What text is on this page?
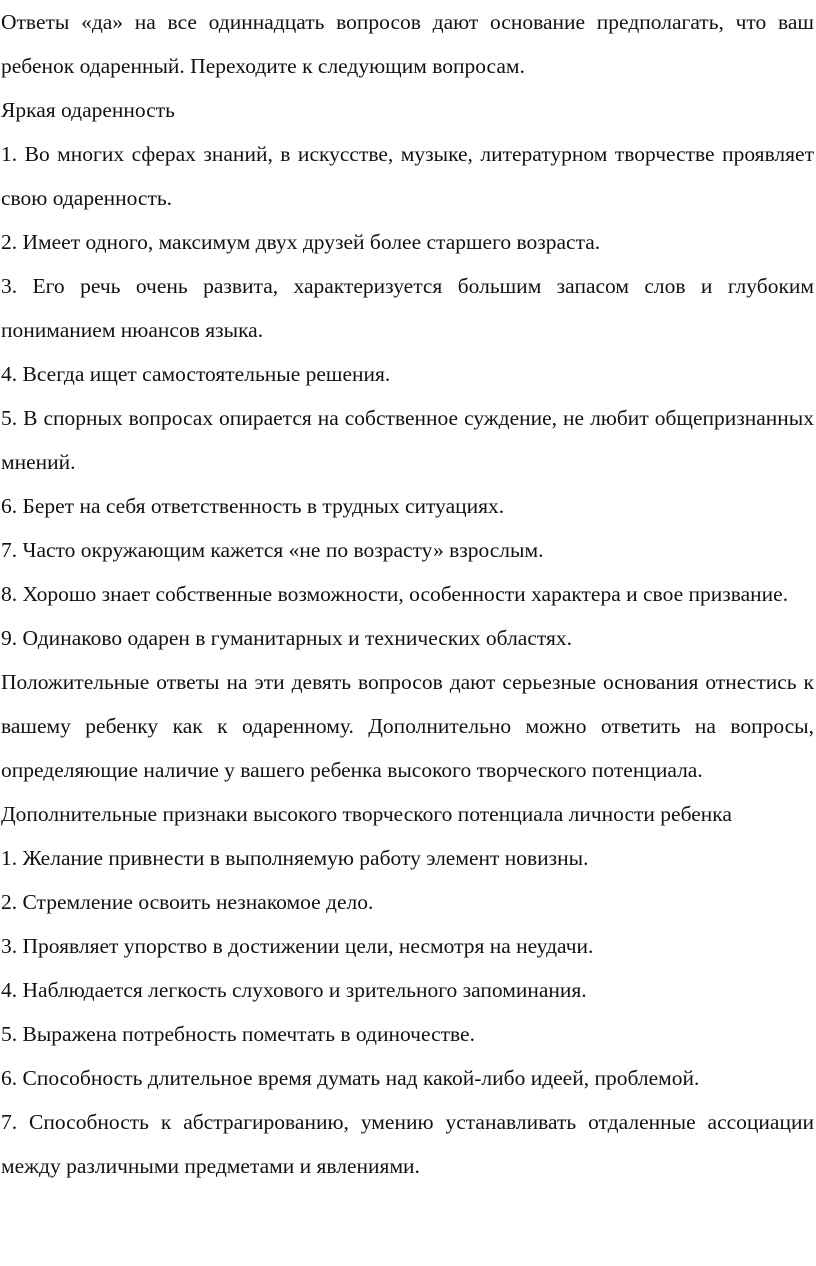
Ответы «да» на все одиннадцать вопросов дают основание предполагать, что ваш ребенок одаренный. Переходите к следующим вопросам.

Яркая одаренность

1. Во многих сферах знаний, в искусстве, музыке, литературном творчестве проявляет свою одаренность.

2. Имеет одного, максимум двух друзей более старшего возраста.

3. Его речь очень развита, характеризуется большим запасом слов и глубоким пониманием нюансов языка.

4. Всегда ищет самостоятельные решения.

5. В спорных вопросах опирается на собственное суждение, не любит общепризнанных мнений.

6. Берет на себя ответственность в трудных ситуациях.

7. Часто окружающим кажется «не по возрасту» взрослым.

8. Хорошо знает собственные возможности, особенности характера и свое призвание.

9. Одинаково одарен в гуманитарных и технических областях.

Положительные ответы на эти девять вопросов дают серьезные основания отнестись к вашему ребенку как к одаренному. Дополнительно можно ответить на вопросы, определяющие наличие у вашего ребенка высокого творческого потенциала.

Дополнительные признаки высокого творческого потенциала личности ребенка

1. Желание привнести в выполняемую работу элемент новизны.

2. Стремление освоить незнакомое дело.

3. Проявляет упорство в достижении цели, несмотря на неудачи.

4. Наблюдается легкость слухового и зрительного запоминания.

5. Выражена потребность помечтать в одиночестве.

6. Способность длительное время думать над какой-либо идеей, проблемой.

7. Способность к абстрагированию, умению устанавливать отдаленные ассоциации между различными предметами и явлениями.
